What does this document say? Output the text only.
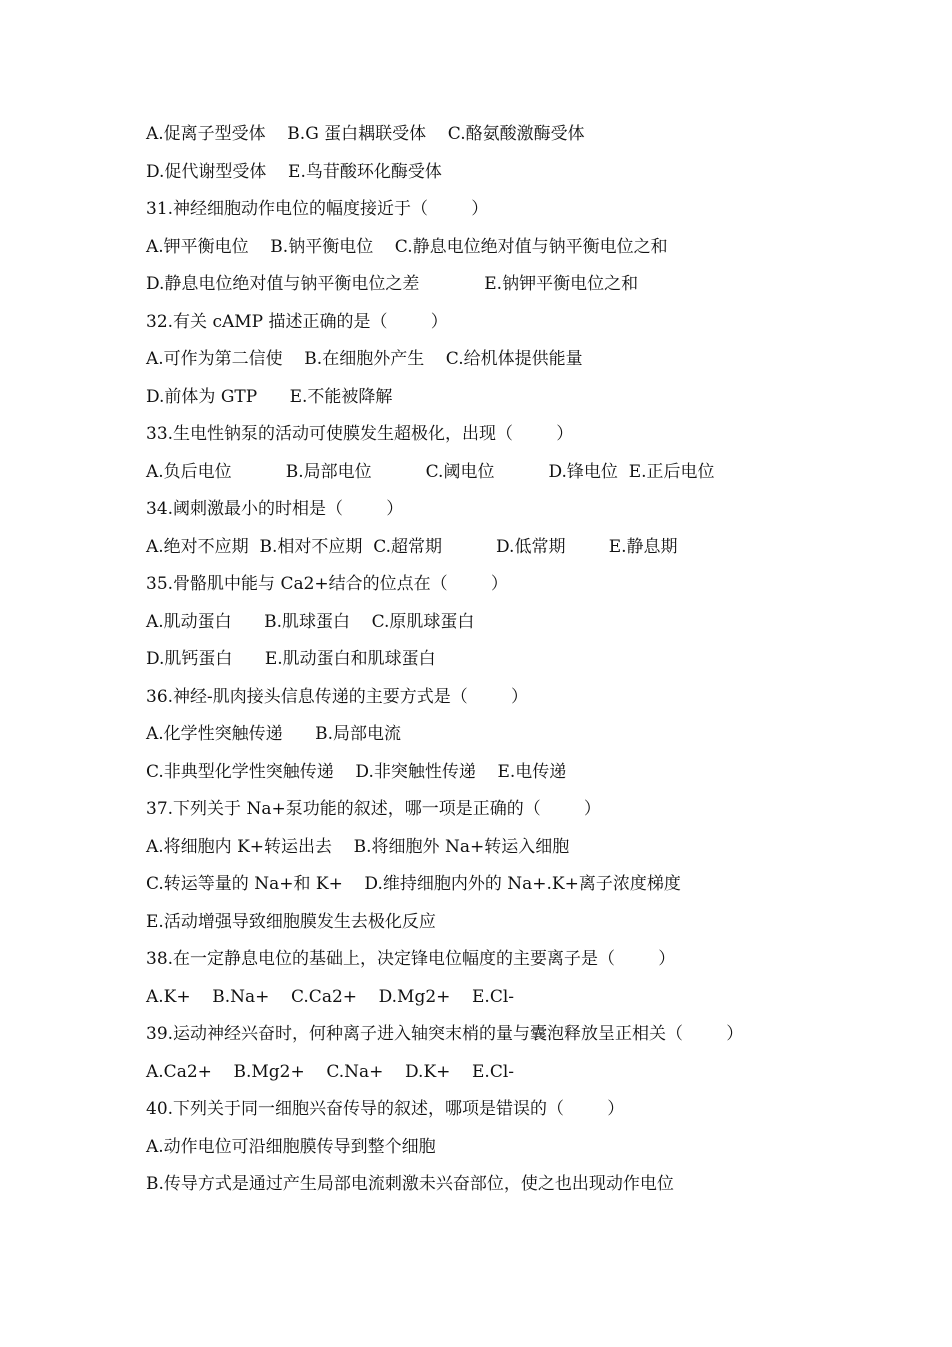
A.促离子型受体    B.G 蛋白耦联受体    C.酪氨酸激酶受体
D.促代谢型受体    E.鸟苷酸环化酶受体
31.神经细胞动作电位的幅度接近于（        ）
A.钾平衡电位    B.钠平衡电位    C.静息电位绝对值与钠平衡电位之和
D.静息电位绝对值与钠平衡电位之差            E.钠钾平衡电位之和
32.有关 cAMP 描述正确的是（        ）
A.可作为第二信使    B.在细胞外产生    C.给机体提供能量
D.前体为 GTP      E.不能被降解
33.生电性钠泵的活动可使膜发生超极化，出现（        ）
A.负后电位          B.局部电位          C.阈电位          D.锋电位  E.正后电位
34.阈刺激最小的时相是（        ）
A.绝对不应期  B.相对不应期  C.超常期          D.低常期        E.静息期
35.骨骼肌中能与 Ca2+结合的位点在（        ）
A.肌动蛋白      B.肌球蛋白    C.原肌球蛋白
D.肌钙蛋白      E.肌动蛋白和肌球蛋白
36.神经-肌肉接头信息传递的主要方式是（        ）
A.化学性突触传递      B.局部电流
C.非典型化学性突触传递    D.非突触性传递    E.电传递
37.下列关于 Na+泵功能的叙述，哪一项是正确的（        ）
A.将细胞内 K+转运出去    B.将细胞外 Na+转运入细胞
C.转运等量的 Na+和 K+    D.维持细胞内外的 Na+.K+离子浓度梯度
E.活动增强导致细胞膜发生去极化反应
38.在一定静息电位的基础上，决定锋电位幅度的主要离子是（        ）
A.K+    B.Na+    C.Ca2+    D.Mg2+    E.Cl-
39.运动神经兴奋时，何种离子进入轴突末梢的量与囊泡释放呈正相关（        ）
A.Ca2+    B.Mg2+    C.Na+    D.K+    E.Cl-
40.下列关于同一细胞兴奋传导的叙述，哪项是错误的（        ）
A.动作电位可沿细胞膜传导到整个细胞
B.传导方式是通过产生局部电流刺激未兴奋部位，使之也出现动作电位
